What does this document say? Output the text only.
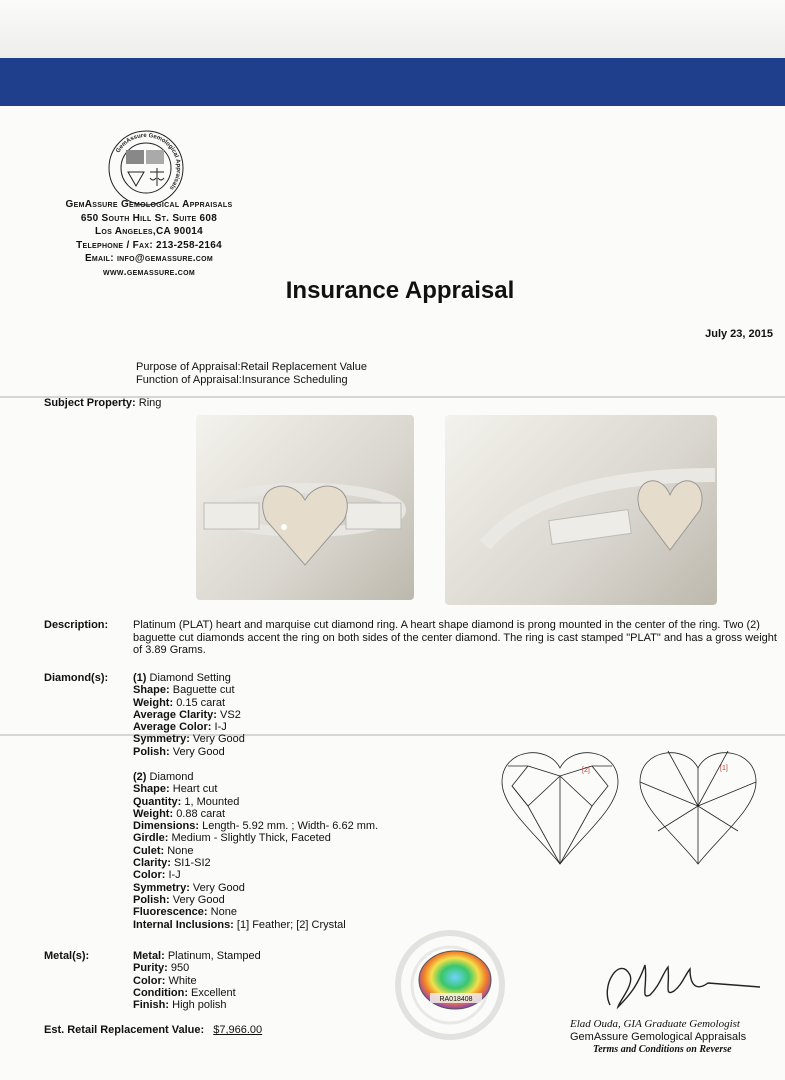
GemAssure Gemological Appraisals
GemAssure Gemological Appraisals
650 South Hill St. Suite 608
Los Angeles,CA 90014
Telephone / Fax: 213-258-2164
Email: info@gemassure.com
www.gemassure.com
Insurance Appraisal
July 23, 2015
Purpose of Appraisal:Retail Replacement Value
Function of Appraisal:Insurance Scheduling
Subject Property: Ring
Description: Platinum (PLAT) heart and marquise cut diamond ring. A heart shape diamond is prong mounted in the center of the ring. Two (2) baguette cut diamonds accent the ring on both sides of the center diamond. The ring is cast stamped "PLAT" and has a gross weight of 3.89 Grams.
Diamond(s): (1) Diamond Setting
Shape: Baguette cut
Weight: 0.15 carat
Average Clarity: VS2
Average Color: I-J
Symmetry: Very Good
Polish: Very Good
(2) Diamond
Shape: Heart cut
Quantity: 1, Mounted
Weight: 0.88 carat
Dimensions: Length- 5.92 mm. ; Width- 6.62 mm.
Girdle: Medium - Slightly Thick, Faceted
Culet: None
Clarity: SI1-SI2
Color: I-J
Symmetry: Very Good
Polish: Very Good
Fluorescence: None
Internal Inclusions: [1] Feather; [2] Crystal
[2]	[1]
Metal(s):	Metal: Platinum, Stamped
Purity: 950
Color: White
Condition: Excellent
Finish: High polish	RA018408
Elad Ouda, GIA Graduate Gemologist
GemAssure Gemological Appraisals
Terms and Conditions on Reverse
Est. Retail Replacement Value: $7,966.00
